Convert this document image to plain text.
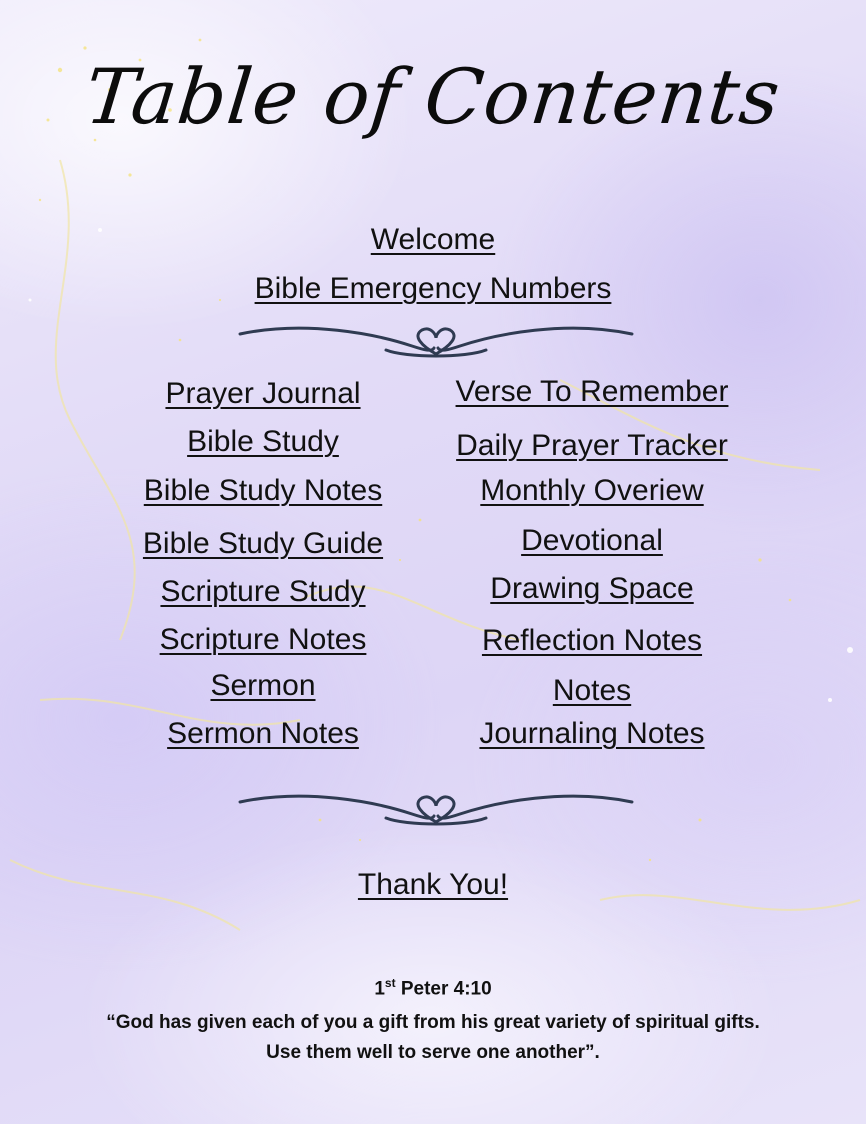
Table of Contents
Welcome
Bible Emergency Numbers
Prayer Journal
Bible Study
Bible Study Notes
Bible Study Guide
Scripture Study
Scripture Notes
Sermon
Sermon Notes
Verse To Remember
Daily Prayer Tracker
Monthly Overiew
Devotional
Drawing Space
Reflection Notes
Notes
Journaling Notes
Thank You!
1st Peter 4:10
“God has given each of you a gift from his great variety of spiritual gifts. Use them well to serve one another”.
